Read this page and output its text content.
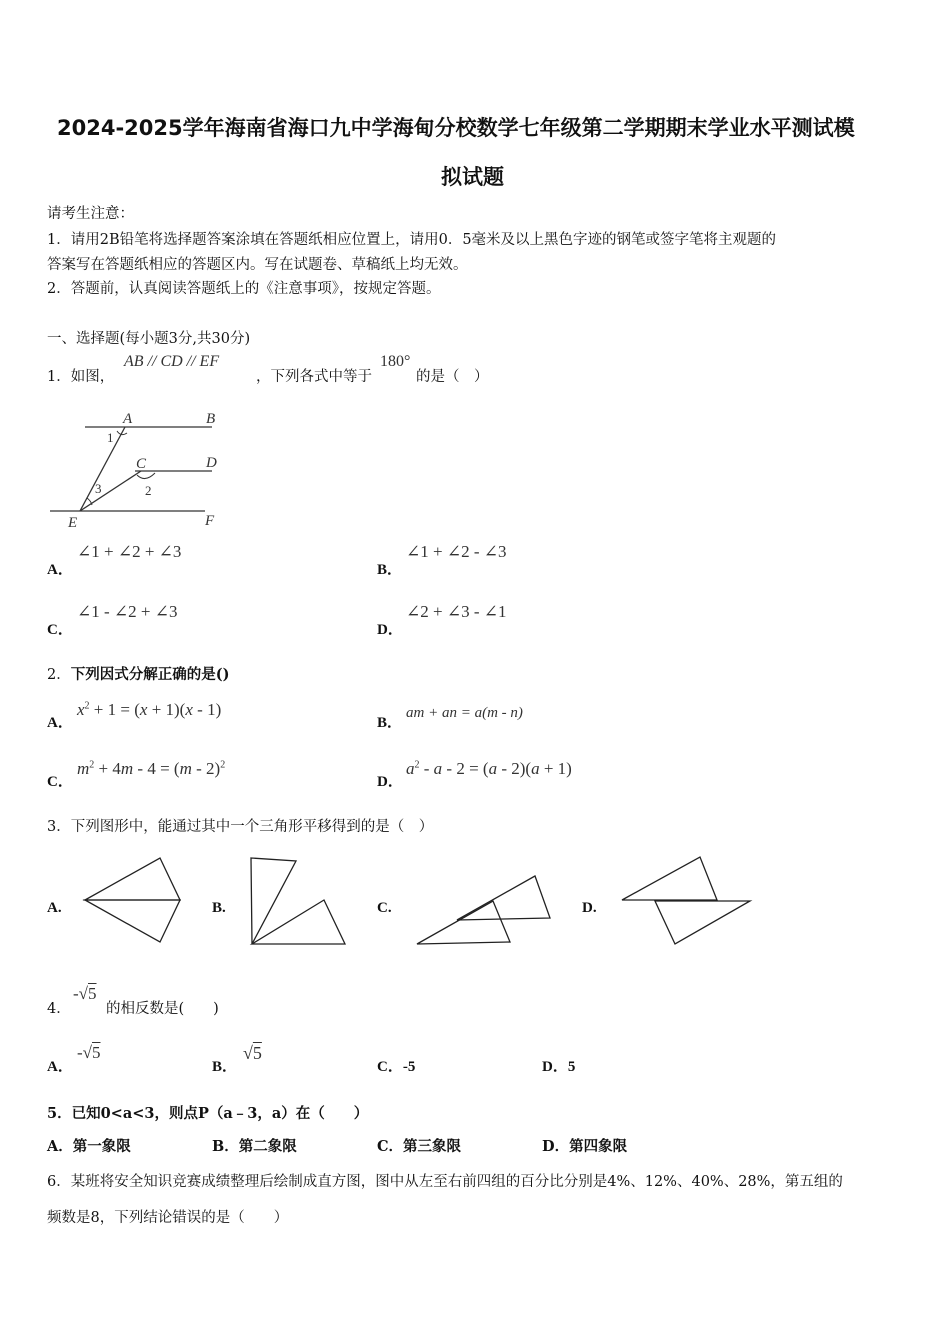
2024-2025学年海南省海口九中学海甸分校数学七年级第二学期期末学业水平测试模
拟试题
请考生注意：
1．请用2B铅笔将选择题答案涂填在答题纸相应位置上，请用0．5毫米及以上黑色字迹的钢笔或签字笔将主观题的
答案写在答题纸相应的答题区内。写在试题卷、草稿纸上均无效。
2．答题前，认真阅读答题纸上的《注意事项》，按规定答题。
一、选择题(每小题3分,共30分)
1．如图，
AB // CD // EF
，下列各式中等于
180°
的是（　）
A	B
C	D
E	F
1
2
3
A．
∠1 + ∠2 + ∠3
B．
∠1 + ∠2 - ∠3
C．
∠1 - ∠2 + ∠3
D．
∠2 + ∠3 - ∠1
2．下列因式分解正确的是()
A．
$x^2 + 1 = (x + 1)(x - 1)$
B．
am + an = a(m - n)
C．
$m^2 + 4m - 4 = (m - 2)^2$
D．
$a^2 - a - 2 = (a - 2)(a + 1)$
3．下列图形中，能通过其中一个三角形平移得到的是（　）
A.	B.	C.	D.
4．
-√5
的相反数是(　　)
A．
-√5
B．
√5
C．-5	D．5
5．已知0<a<3，则点P（a﹣3，a）在（　　）
A．第一象限	B．第二象限	C．第三象限	D．第四象限
6．某班将安全知识竞赛成绩整理后绘制成直方图，图中从左至右前四组的百分比分别是4%、12%、40%、28%，第五组的
频数是8，下列结论错误的是（　　）
